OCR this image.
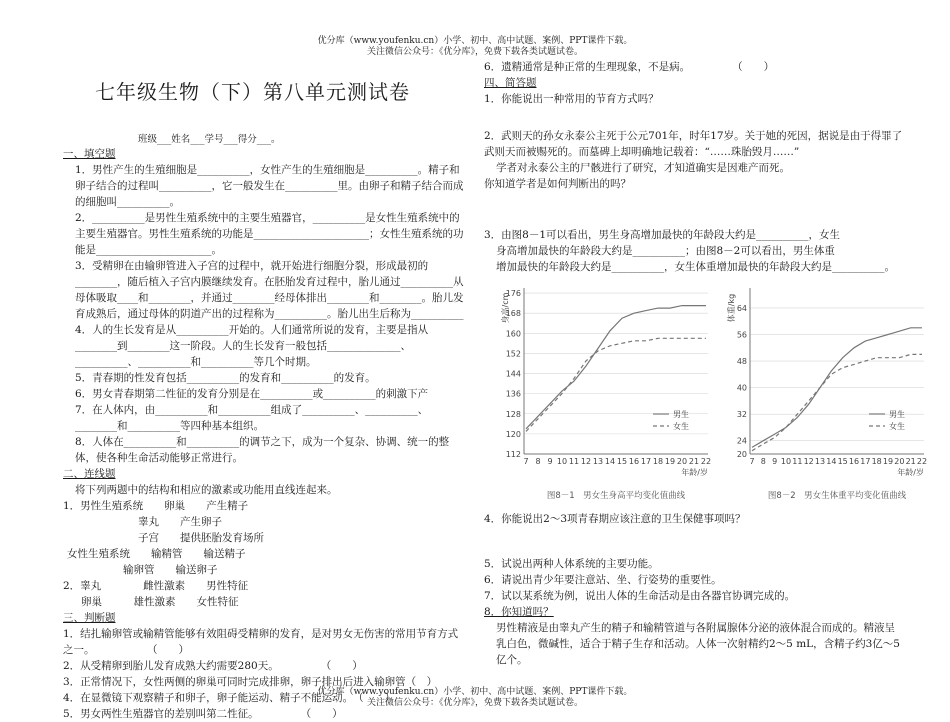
优分库（www.youfenku.cn）小学、初中、高中试题、案例、PPT课件下载。
关注微信公众号：《优分库》，免费下载各类试题试卷。
优分库（www.youfenku.cn）小学、初中、高中试题、案例、PPT课件下载。
关注微信公众号：《优分库》，免费下载各类试题试卷。
七年级生物（下）第八单元测试卷
班级___姓名___学号___得分___。

一、填空题

1．男性产生的生殖细胞是__________，女性产生的生殖细胞是__________。精子和卵子结合的过程叫__________，它一般发生在__________里。由卵子和精子结合而成的细胞叫__________。

2．__________是男性生殖系统中的主要生殖器官，__________是女性生殖系统中的主要生殖器官。男性生殖系统的功能是______________________；女性生殖系统的功能是______________________。

3．受精卵在由输卵管进入子宫的过程中，就开始进行细胞分裂，形成最初的________，随后植入子宫内膜继续发育。在胚胎发育过程中，胎儿通过__________从母体吸取____和________，并通过________经母体排出________和________。胎儿发育成熟后，通过母体的阴道产出的过程称为__________。胎儿出生后称为__________

4．人的生长发育是从__________开始的。人们通常所说的发育，主要是指从________到________这一阶段。人的生长发育一般包括______________、__________、__________和__________等几个时期。

5．青春期的性发育包括__________的发育和__________的发育。

6．男女青春期第二性征的发育分别是在__________或__________的刺激下产

7．在人体内，由__________和__________组成了__________、__________、________和__________等四种基本组织。

8．人体在__________和__________的调节之下，成为一个复杂、协调、统一的整体，使各种生命活动能够正常进行。

二、连线题

将下列两题中的结构和相应的激素或功能用直线连起来。

1．男性生殖系统　　卵巢　　产生精子

睾丸　　产生卵子

子宫　　提供胚胎发育场所

女性生殖系统　　输精管　　输送精子

输卵管　　输送卵子

2．睾丸　　　　雌性激素　　男性特征

卵巢　　　雄性激素　　女性特征

三、判断题

1．结扎输卵管或输精管能够有效阻碍受精卵的发育，是对男女无伤害的常用节育方式之一。　　　　　　（　　）

2．从受精卵到胎儿发育成熟大约需要280天。　　　　　（　　）

3．正常情况下，女性两侧的卵巢可同时完成排卵，卵子排出后进入输卵管（　）

4．在显微镜下观察精子和卵子，卵子能运动、精子不能运动。　（　　）

5．男女两性生殖器官的差别叫第二性征。　　　　　（　　）

6．遗精通常是种正常的生理现象，不是病。　　　　　（　　）

四、简答题

1．你能说出一种常用的节育方式吗？

2．武则天的孙女永泰公主死于公元701年，时年17岁。关于她的死因，据说是由于得罪了武则天而被赐死的。而墓碑上却明确地记载着：“……珠胎毁月……”

学者对永泰公主的尸骸进行了研究，才知道确实是因难产而死。

你知道学者是如何判断出的吗？

3．由图8－1可以看出，男生身高增加最快的年龄段大约是__________，女生

身高增加最快的年龄段大约是__________；由图8－2可以看出，男生体重

增加最快的年龄段大约是__________，女生体重增加最快的年龄段大约是__________。

112
120
128
136
144
152
160
168
176
7 8 9 10 11 12 13 14 15 16 17 18 19 20 21 22
年龄/岁
身高/cm
男生
女生
图8－1　男女生身高平均变化值曲线
20
24
32
40
48
56
64
7 8 9 10 11 12 13 14 15 16 17 18 19 20 21 22
年龄/岁
体重/kg
男生
女生
图8－2　男女生体重平均变化值曲线

4．你能说出2～3项青春期应该注意的卫生保健事项吗？

5．试说出两种人体系统的主要功能。

6．请说出青少年要注意站、坐、行姿势的重要性。

7．试以某系统为例，说出人体的生命活动是由各器官协调完成的。

8．你知道吗？

男性精液是由睾丸产生的精子和输精管道与各附属腺体分泌的液体混合而成的。精液呈乳白色，微碱性，适合于精子生存和活动。人体一次射精约2～5 mL，含精子约3亿～5亿个。
